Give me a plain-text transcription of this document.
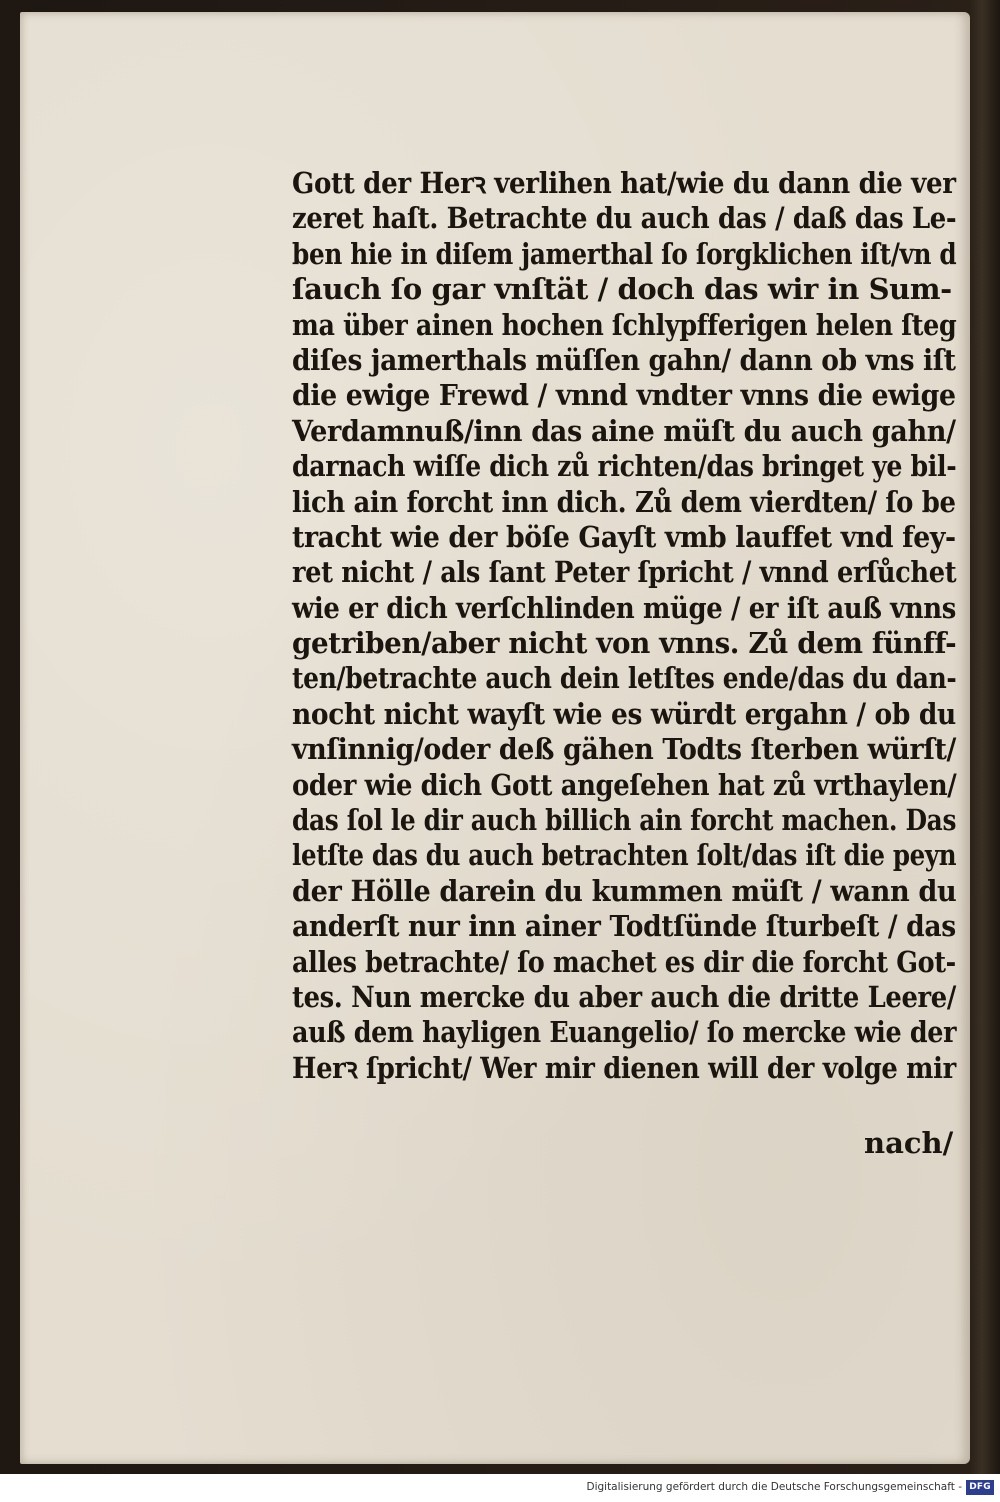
Gott der Herꝛ verlihen hat/wie du dann die ver
zeret haſt. Betrachte du auch das / daß das Le-
ben hie in diſem jamerthal ſo ſorgklichen iſt/vn d
ſauch ſo gar vnſtät / doch das wir in Sum-
ma über ainen hochen ſchlypfferigen helen ſteg
diſes jamerthals müſſen gahn/ dann ob vns iſt
die ewige Frewd / vnnd vndter vnns die ewige
Verdamnuß/inn das aine müſt du auch gahn/
darnach wiſſe dich zů richten/das bringet ye bil-
lich ain forcht inn dich. Zů dem vierdten/ ſo be
tracht wie der böſe Gayſt vmb lauffet vnd fey-
ret nicht / als ſant Peter ſpricht / vnnd erſůchet
wie er dich verſchlinden müge / er iſt auß vnns
getriben/aber nicht von vnns. Zů dem fünff-
ten/betrachte auch dein letſtes ende/das du dan-
nocht nicht wayſt wie es würdt ergahn / ob du
vnſinnig/oder deß gähen Todts ſterben würſt/
oder wie dich Gott angeſehen hat zů vrthaylen/
das ſol le dir auch billich ain forcht machen. Das
letſte das du auch betrachten ſolt/das iſt die peyn
der Hölle darein du kummen müſt / wann du
anderſt nur inn ainer Todtſünde ſturbeſt / das
alles betrachte/ ſo machet es dir die forcht Got-
tes. Nun mercke du aber auch die dritte Leere/
auß dem hayligen Euangelio/ ſo mercke wie der
Herꝛ ſpricht/ Wer mir dienen will der volge mir
nach/
Digitalisierung gefördert durch die Deutsche Forschungsgemeinschaft - DFG
